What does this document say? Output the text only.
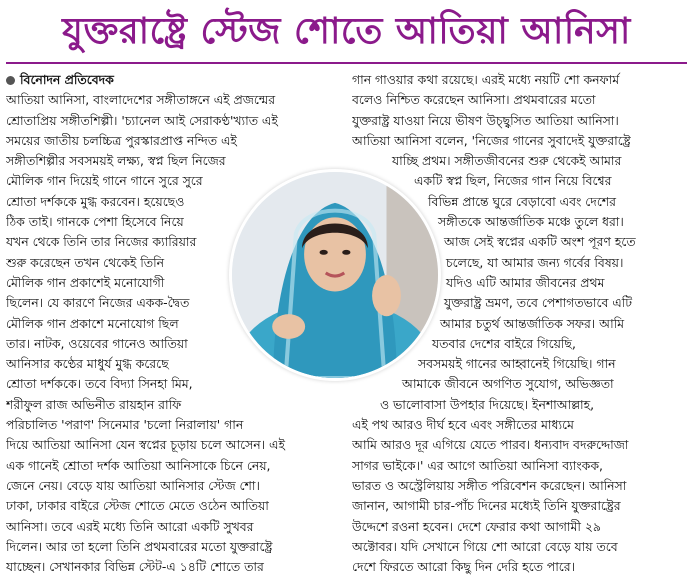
যুক্তরাষ্ট্রে স্টেজ শোতে আতিয়া আনিসা
বিনোদন প্রতিবেদক
আতিয়া আনিসা, বাংলাদেশের সঙ্গীতাঙ্গনে এই প্রজন্মের
শ্রোতাপ্রিয় সঙ্গীতশিল্পী। 'চ্যানেল আই সেরাকণ্ঠ'খ্যাত এই
সময়ের জাতীয় চলচ্চিত্র পুরস্কারপ্রাপ্ত নন্দিত এই
সঙ্গীতশিল্পীর সবসময়ই লক্ষ্য, স্বপ্ন ছিল নিজের
মৌলিক গান দিয়েই গানে গানে সুরে সুরে
শ্রোতা দর্শককে মুগ্ধ করবেন। হয়েছেও
ঠিক তাই। গানকে পেশা হিসেবে নিয়ে
যখন থেকে তিনি তার নিজের ক্যারিয়ার
শুরু করেছেন তখন থেকেই তিনি
মৌলিক গান প্রকাশেই মনোযোগী
ছিলেন। যে কারণে নিজের একক-দ্বৈত
মৌলিক গান প্রকাশে মনোযোগ ছিল
তার। নাটক, ওয়েবের গানেও আতিয়া
আনিসার কণ্ঠের মাধুর্য মুগ্ধ করেছে
শ্রোতা দর্শককে। তবে বিদ্যা সিনহা মিম,
শরীফুল রাজ অভিনীত রায়হান রাফি
পরিচালিত 'পরাণ' সিনেমার 'চলো নিরালায়' গান
দিয়ে আতিয়া আনিসা যেন স্বপ্নের চূড়ায় চলে আসেন। এই
এক গানেই শ্রোতা দর্শক আতিয়া আনিসাকে চিনে নেয়,
জেনে নেয়। বেড়ে যায় আতিয়া আনিসার স্টেজ শো।
ঢাকা, ঢাকার বাইরে স্টেজ শোতে মেতে ওঠেন আতিয়া
আনিসা। তবে এরই মধ্যে তিনি আরো একটি সুখবর
দিলেন। আর তা হলো তিনি প্রথমবারের মতো যুক্তরাষ্ট্রে
যাচ্ছেন। সেখানকার বিভিন্ন স্টেট-এ ১৪টি শোতে তার
গান গাওয়ার কথা রয়েছে। এরই মধ্যে নয়টি শো কনফার্ম
বলেও নিশ্চিত করেছেন আনিসা। প্রথমবারের মতো
যুক্তরাষ্ট্র যাওয়া নিয়ে ভীষণ উচ্ছ্বসিত আতিয়া আনিসা।
আতিয়া আনিসা বলেন, 'নিজের গানের সুবাদেই যুক্তরাষ্ট্রে
যাচ্ছি প্রথম। সঙ্গীতজীবনের শুরু থেকেই আমার
একটি স্বপ্ন ছিল, নিজের গান নিয়ে বিশ্বের
বিভিন্ন প্রান্তে ঘুরে বেড়াবো এবং দেশের
সঙ্গীতকে আন্তর্জাতিক মঞ্চে তুলে ধরা।
আজ সেই স্বপ্নের একটি অংশ পূরণ হতে
চলেছে, যা আমার জন্য গর্বের বিষয়।
যদিও এটি আমার জীবনের প্রথম
যুক্তরাষ্ট্র ভ্রমণ, তবে পেশাগতভাবে এটি
আমার চতুর্থ আন্তর্জাতিক সফর। আমি
যতবার দেশের বাইরে গিয়েছি,
সবসময়ই গানের আহ্বানেই গিয়েছি। গান
আমাকে জীবনে অগণিত সুযোগ, অভিজ্ঞতা
ও ভালোবাসা উপহার দিয়েছে। ইনশাআল্লাহ,
এই পথ আরও দীর্ঘ হবে এবং সঙ্গীতের মাধ্যমে
আমি আরও দূর এগিয়ে যেতে পারব। ধন্যবাদ বদরুদ্দোজা
সাগর ভাইকে।' এর আগে আতিয়া আনিসা ব্যাংকক,
ভারত ও অস্ট্রেলিয়ায় সঙ্গীত পরিবেশন করেছেন। আনিসা
জানান, আগামী চার-পাঁচ দিনের মধ্যেই তিনি যুক্তরাষ্ট্রের
উদ্দেশে রওনা হবেন। দেশে ফেরার কথা আগামী ২৯
অক্টোবর। যদি সেখানে গিয়ে শো আরো বেড়ে যায় তবে
দেশে ফিরতে আরো কিছু দিন দেরি হতে পারে।
